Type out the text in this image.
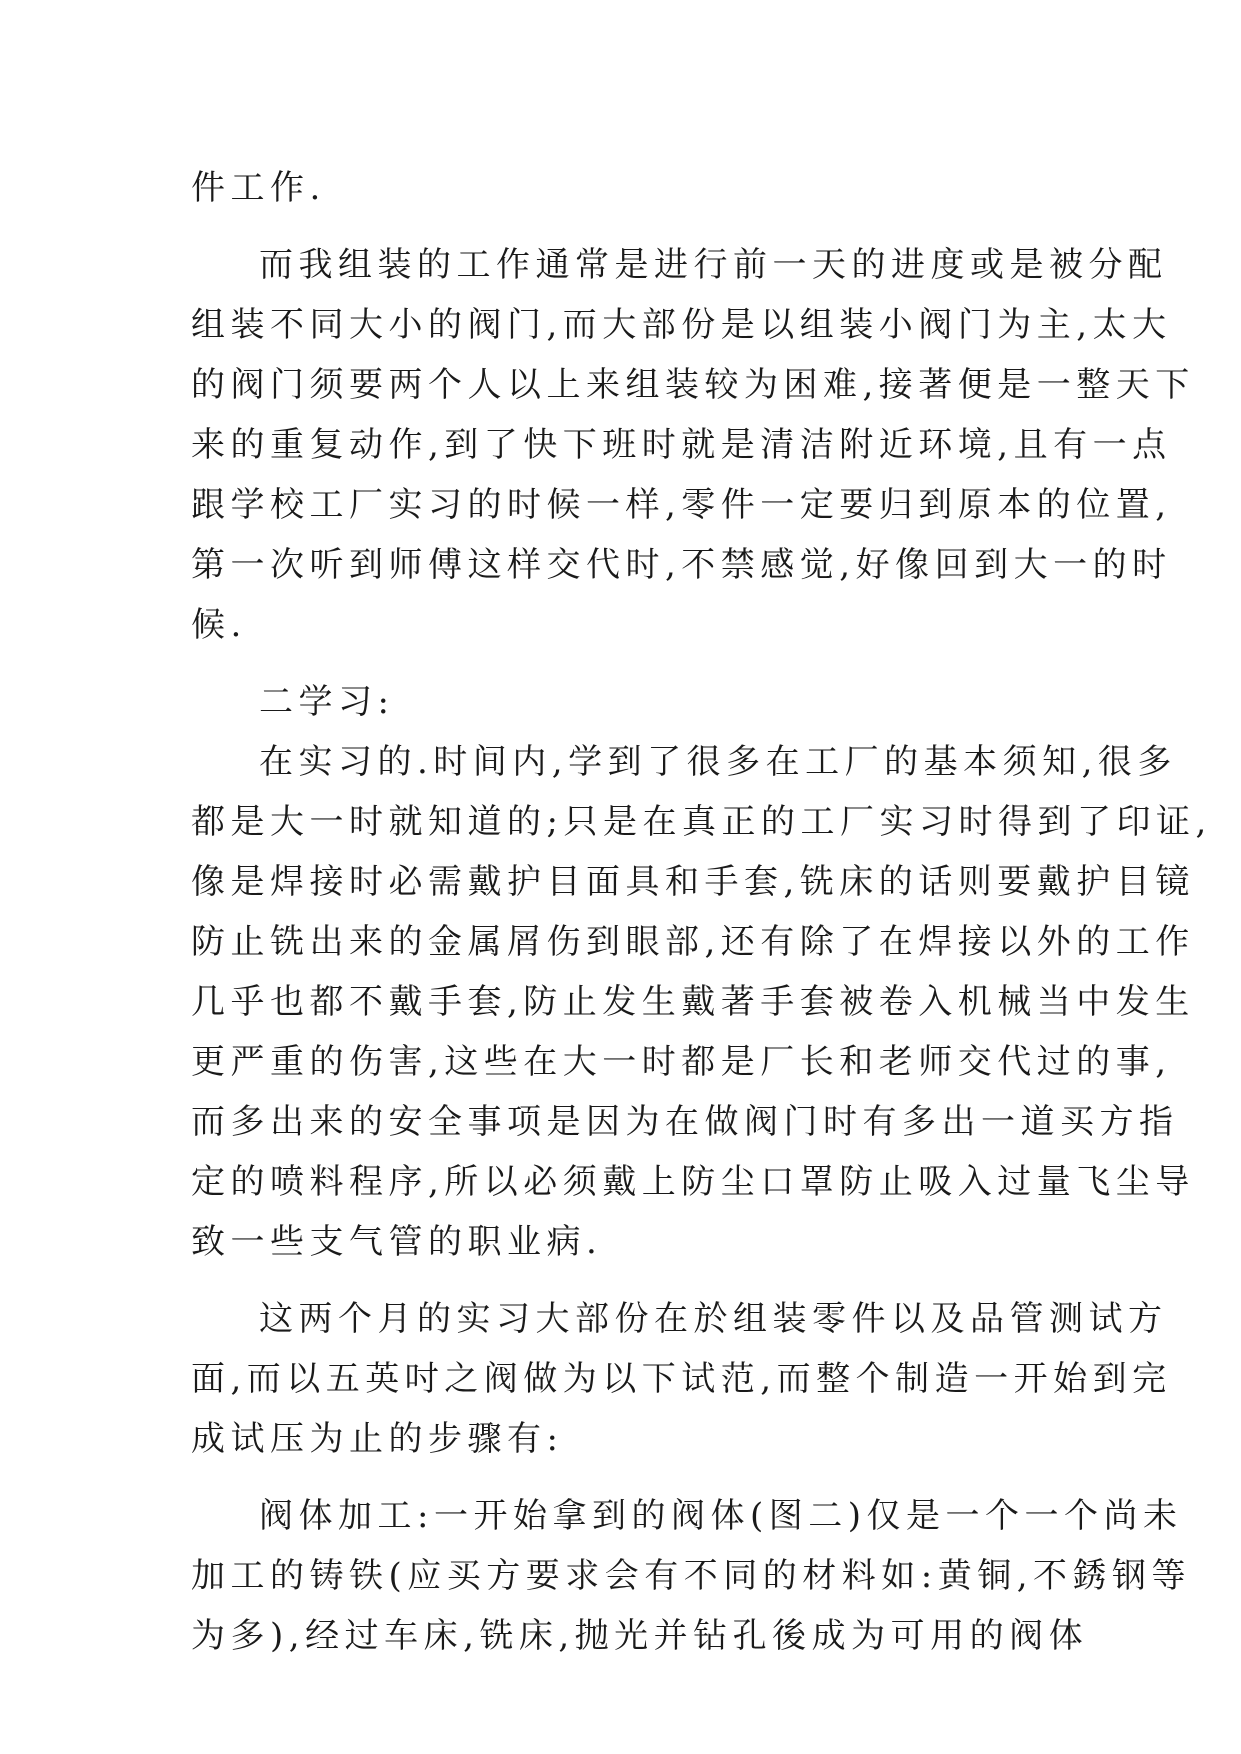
件工作.
而我组装的工作通常是进行前一天的进度或是被分配
组装不同大小的阀门,而大部份是以组装小阀门为主,太大
的阀门须要两个人以上来组装较为困难,接著便是一整天下
来的重复动作,到了快下班时就是清洁附近环境,且有一点
跟学校工厂实习的时候一样,零件一定要归到原本的位置,
第一次听到师傅这样交代时,不禁感觉,好像回到大一的时
候.
二学习:
在实习的.时间内,学到了很多在工厂的基本须知,很多
都是大一时就知道的;只是在真正的工厂实习时得到了印证,
像是焊接时必需戴护目面具和手套,铣床的话则要戴护目镜
防止铣出来的金属屑伤到眼部,还有除了在焊接以外的工作
几乎也都不戴手套,防止发生戴著手套被卷入机械当中发生
更严重的伤害,这些在大一时都是厂长和老师交代过的事,
而多出来的安全事项是因为在做阀门时有多出一道买方指
定的喷料程序,所以必须戴上防尘口罩防止吸入过量飞尘导
致一些支气管的职业病.
这两个月的实习大部份在於组装零件以及品管测试方
面,而以五英吋之阀做为以下试范,而整个制造一开始到完
成试压为止的步骤有:
阀体加工:一开始拿到的阀体(图二)仅是一个一个尚未
加工的铸铁(应买方要求会有不同的材料如:黄铜,不銹钢等
为多),经过车床,铣床,抛光并钻孔後成为可用的阀体
